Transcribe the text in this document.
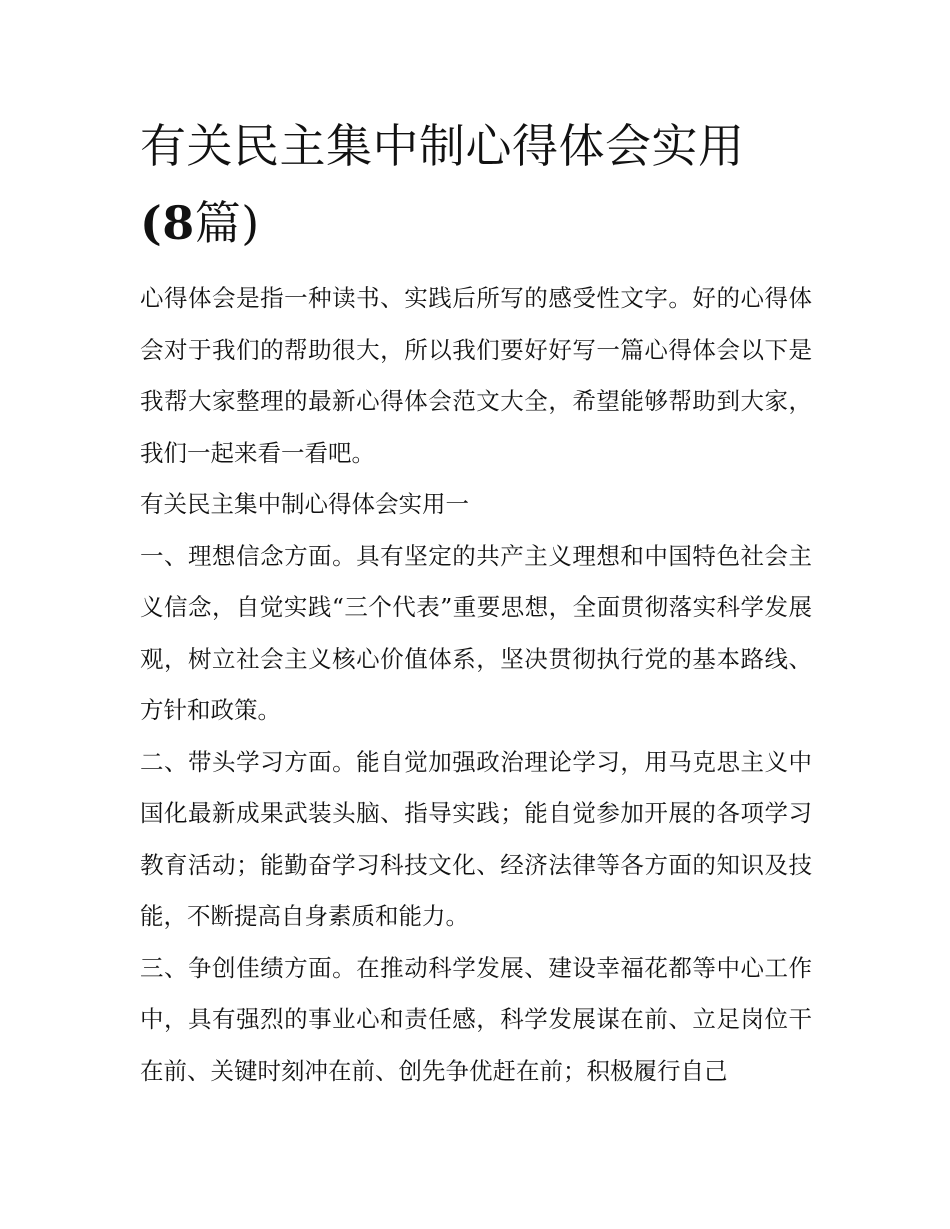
有关民主集中制心得体会实用
(8篇)

心得体会是指一种读书、实践后所写的感受性文字。好的心得体会对于我们的帮助很大，所以我们要好好写一篇心得体会以下是我帮大家整理的最新心得体会范文大全，希望能够帮助到大家，我们一起来看一看吧。

有关民主集中制心得体会实用一

一、理想信念方面。具有坚定的共产主义理想和中国特色社会主义信念，自觉实践“三个代表”重要思想，全面贯彻落实科学发展观，树立社会主义核心价值体系，坚决贯彻执行党的基本路线、方针和政策。

二、带头学习方面。能自觉加强政治理论学习，用马克思主义中国化最新成果武装头脑、指导实践；能自觉参加开展的各项学习教育活动；能勤奋学习科技文化、经济法律等各方面的知识及技能，不断提高自身素质和能力。

三、争创佳绩方面。在推动科学发展、建设幸福花都等中心工作中，具有强烈的事业心和责任感，科学发展谋在前、立足岗位干在前、关键时刻冲在前、创先争优赶在前；积极履行自己
